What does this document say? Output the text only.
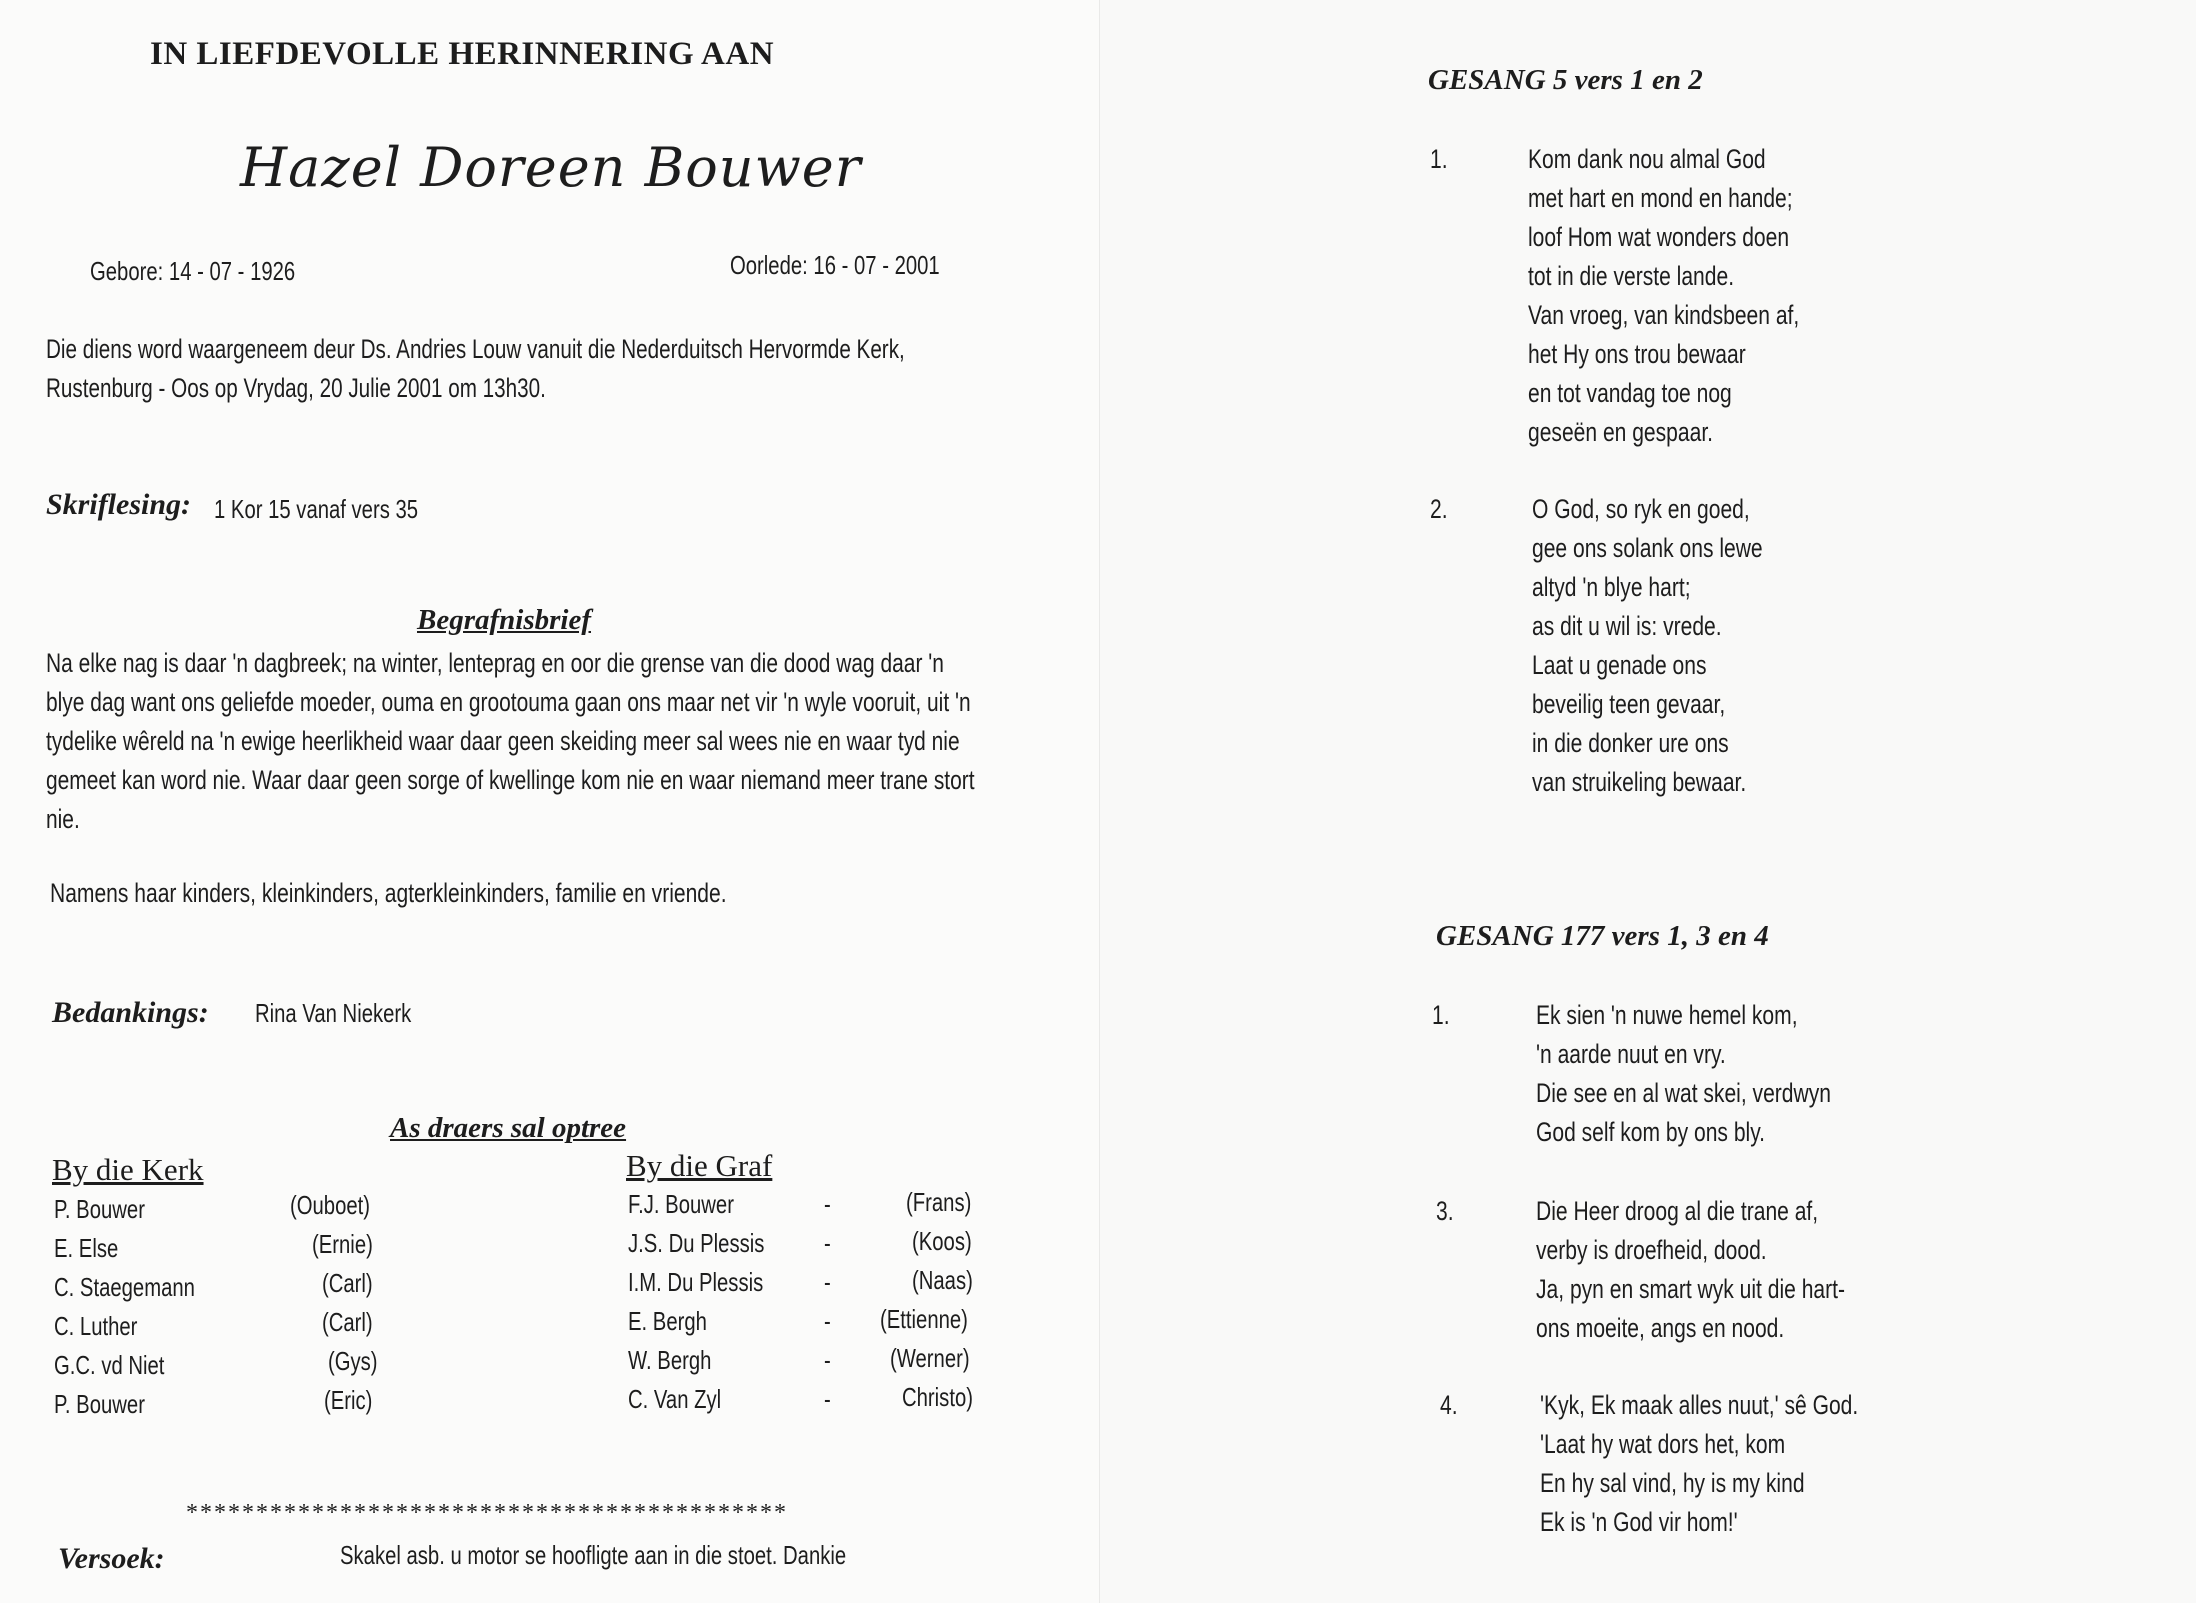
IN LIEFDEVOLLE HERINNERING AAN
Hazel Doreen Bouwer
Gebore: 14 - 07 - 1926	Oorlede: 16 - 07 - 2001
Die diens word waargeneem deur Ds. Andries Louw vanuit die Nederduitsch Hervormde Kerk,
Rustenburg - Oos op Vrydag, 20 Julie 2001 om 13h30.
Skriflesing: 1 Kor 15 vanaf vers 35
Begrafnisbrief
Na elke nag is daar 'n dagbreek; na winter, lenteprag en oor die grense van die dood wag daar 'n
blye dag want ons geliefde moeder, ouma en grootouma gaan ons maar net vir 'n wyle vooruit, uit 'n
tydelike wêreld na 'n ewige heerlikheid waar daar geen skeiding meer sal wees nie en waar tyd nie
gemeet kan word nie. Waar daar geen sorge of kwellinge kom nie en waar niemand meer trane stort
nie.
Namens haar kinders, kleinkinders, agterkleinkinders, familie en vriende.
Bedankings: Rina Van Niekerk
As draers sal optree
By die Kerk
P. Bouwer	(Ouboet)
E. Else	(Ernie)
C. Staegemann	(Carl)
C. Luther	(Carl)
G.C. vd Niet	(Gys)
P. Bouwer	(Eric)
By die Graf
F.J. Bouwer	-	(Frans)
J.S. Du Plessis -	(Koos)
I.M. Du Plessis -	(Naas)
E. Bergh	- (Ettienne)
W. Bergh	- (Werner)
C. Van Zyl	-	Christo)
*******************************************
Versoek:	Skakel asb. u motor se hoofligte aan in die stoet. Dankie
GESANG 5 vers 1 en 2
1.	Kom dank nou almal God
met hart en mond en hande;
loof Hom wat wonders doen
tot in die verste lande.
Van vroeg, van kindsbeen af,
het Hy ons trou bewaar
en tot vandag toe nog
geseën en gespaar.
2.	O God, so ryk en goed,
gee ons solank ons lewe
altyd 'n blye hart;
as dit u wil is: vrede.
Laat u genade ons
beveilig teen gevaar,
in die donker ure ons
van struikeling bewaar.
GESANG 177 vers 1, 3 en 4
1.	Ek sien 'n nuwe hemel kom,
'n aarde nuut en vry.
Die see en al wat skei, verdwyn
God self kom by ons bly.
3.	Die Heer droog al die trane af,
verby is droefheid, dood.
Ja, pyn en smart wyk uit die hart-
ons moeite, angs en nood.
4.	'Kyk, Ek maak alles nuut,' sê God.
'Laat hy wat dors het, kom
En hy sal vind, hy is my kind
Ek is 'n God vir hom!'
